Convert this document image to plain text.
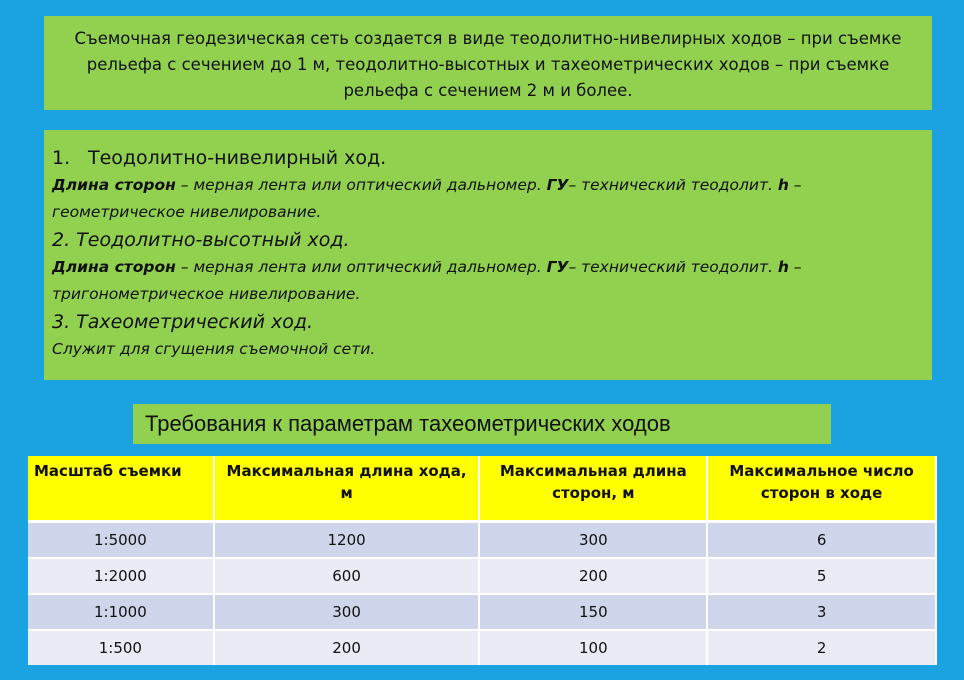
Съемочная геодезическая сеть создается в виде теодолитно-нивелирных ходов – при съемке рельефа с сечением до 1 м, теодолитно-высотных и тахеометрических ходов – при съемке рельефа с сечением 2 м и более.
1. Теодолитно-нивелирный ход.
Длина сторон – мерная лента или оптический дальномер. ГУ– технический теодолит. h – геометрическое нивелирование.
2. Теодолитно-высотный ход.
Длина сторон – мерная лента или оптический дальномер. ГУ– технический теодолит. h – тригонометрическое нивелирование.
3. Тахеометрический ход.
Служит для сгущения съемочной сети.
Требования к параметрам тахеометрических ходов
Масштаб съемки	Максимальная длина хода, м	Максимальная длина сторон, м	Максимальное число сторон в ходе
1:5000	1200	300	6
1:2000	600	200	5
1:1000	300	150	3
1:500	200	100	2
